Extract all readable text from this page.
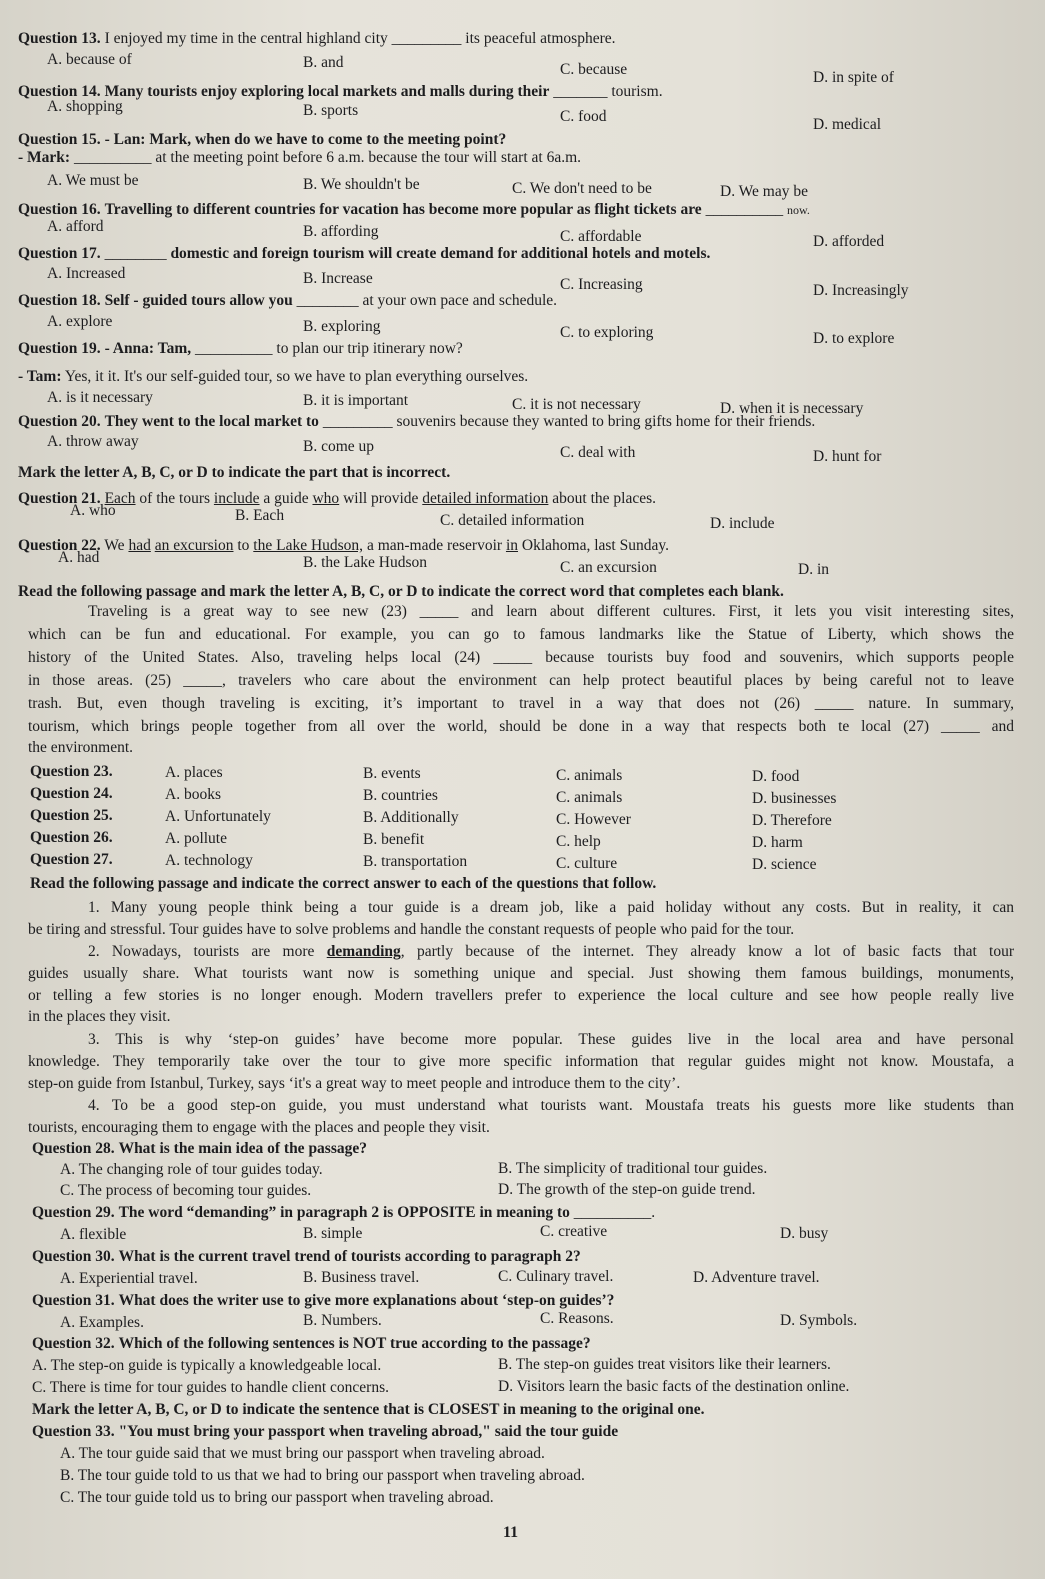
Question 13. I enjoyed my time in the central highland city _________ its peaceful atmosphere.
A. because of	B. and	C. because	D. in spite of
Question 14. Many tourists enjoy exploring local markets and malls during their _______ tourism.
A. shopping	B. sports	C. food	D. medical
Question 15. - Lan: Mark, when do we have to come to the meeting point?
- Mark: __________ at the meeting point before 6 a.m. because the tour will start at 6a.m.
A. We must be	B. We shouldn't be	C. We don't need to be	D. We may be
Question 16. Travelling to different countries for vacation has become more popular as flight tickets are __________ now.
A. afford	B. affording	C. affordable	D. afforded
Question 17. ________ domestic and foreign tourism will create demand for additional hotels and motels.
A. Increased	B. Increase	C. Increasing	D. Increasingly
Question 18. Self - guided tours allow you ________ at your own pace and schedule.
A. explore	B. exploring	C. to exploring	D. to explore
Question 19. - Anna: Tam, __________ to plan our trip itinerary now?
- Tam: Yes, it it. It's our self-guided tour, so we have to plan everything ourselves.
A. is it necessary	B. it is important	C. it is not necessary	D. when it is necessary
Question 20. They went to the local market to _________ souvenirs because they wanted to bring gifts home for their friends.
A. throw away	B. come up	C. deal with	D. hunt for
Mark the letter A, B, C, or D to indicate the part that is incorrect.
Question 21. Each of the tours include a guide who will provide detailed information about the places.
A. who	B. Each	C. detailed information	D. include
Question 22. We had an excursion to the Lake Hudson, a man-made reservoir in Oklahoma, last Sunday.
A. had	B. the Lake Hudson	C. an excursion	D. in
Read the following passage and mark the letter A, B, C, or D to indicate the correct word that completes each blank.
Traveling is a great way to see new (23) _____ and learn about different cultures. First, it lets you visit interesting sites,
which can be fun and educational. For example, you can go to famous landmarks like the Statue of Liberty, which shows the
history of the United States. Also, traveling helps local (24) _____ because tourists buy food and souvenirs, which supports people
in those areas. (25) _____, travelers who care about the environment can help protect beautiful places by being careful not to leave
trash. But, even though traveling is exciting, it’s important to travel in a way that does not (26) _____ nature. In summary,
tourism, which brings people together from all over the world, should be done in a way that respects both te local (27) _____ and
the environment.
Question 23.	A. places	B. events	C. animals	D. food
Question 24.	A. books	B. countries	C. animals	D. businesses
Question 25.	A. Unfortunately	B. Additionally	C. However	D. Therefore
Question 26.	A. pollute	B. benefit	C. help	D. harm
Question 27.	A. technology	B. transportation	C. culture	D. science
Read the following passage and indicate the correct answer to each of the questions that follow.
1. Many young people think being a tour guide is a dream job, like a paid holiday without any costs. But in reality, it can
be tiring and stressful. Tour guides have to solve problems and handle the constant requests of people who paid for the tour.
2. Nowadays, tourists are more demanding, partly because of the internet. They already know a lot of basic facts that tour
guides usually share. What tourists want now is something unique and special. Just showing them famous buildings, monuments,
or telling a few stories is no longer enough. Modern travellers prefer to experience the local culture and see how people really live
in the places they visit.
3. This is why ‘step-on guides’ have become more popular. These guides live in the local area and have personal
knowledge. They temporarily take over the tour to give more specific information that regular guides might not know. Moustafa, a
step-on guide from Istanbul, Turkey, says ‘it's a great way to meet people and introduce them to the city’.
4. To be a good step-on guide, you must understand what tourists want. Moustafa treats his guests more like students than
tourists, encouraging them to engage with the places and people they visit.
Question 28. What is the main idea of the passage?
A. The changing role of tour guides today.	B. The simplicity of traditional tour guides.
C. The process of becoming tour guides.	D. The growth of the step-on guide trend.
Question 29. The word “demanding” in paragraph 2 is OPPOSITE in meaning to __________.
A. flexible	B. simple	C. creative	D. busy
Question 30. What is the current travel trend of tourists according to paragraph 2?
A. Experiential travel.	B. Business travel.	C. Culinary travel.	D. Adventure travel.
Question 31. What does the writer use to give more explanations about ‘step-on guides’?
A. Examples.	B. Numbers.	C. Reasons.	D. Symbols.
Question 32. Which of the following sentences is NOT true according to the passage?
A. The step-on guide is typically a knowledgeable local.	B. The step-on guides treat visitors like their learners.
C. There is time for tour guides to handle client concerns.	D. Visitors learn the basic facts of the destination online.
Mark the letter A, B, C, or D to indicate the sentence that is CLOSEST in meaning to the original one.
Question 33. "You must bring your passport when traveling abroad," said the tour guide
A. The tour guide said that we must bring our passport when traveling abroad.
B. The tour guide told to us that we had to bring our passport when traveling abroad.
C. The tour guide told us to bring our passport when traveling abroad.
11
